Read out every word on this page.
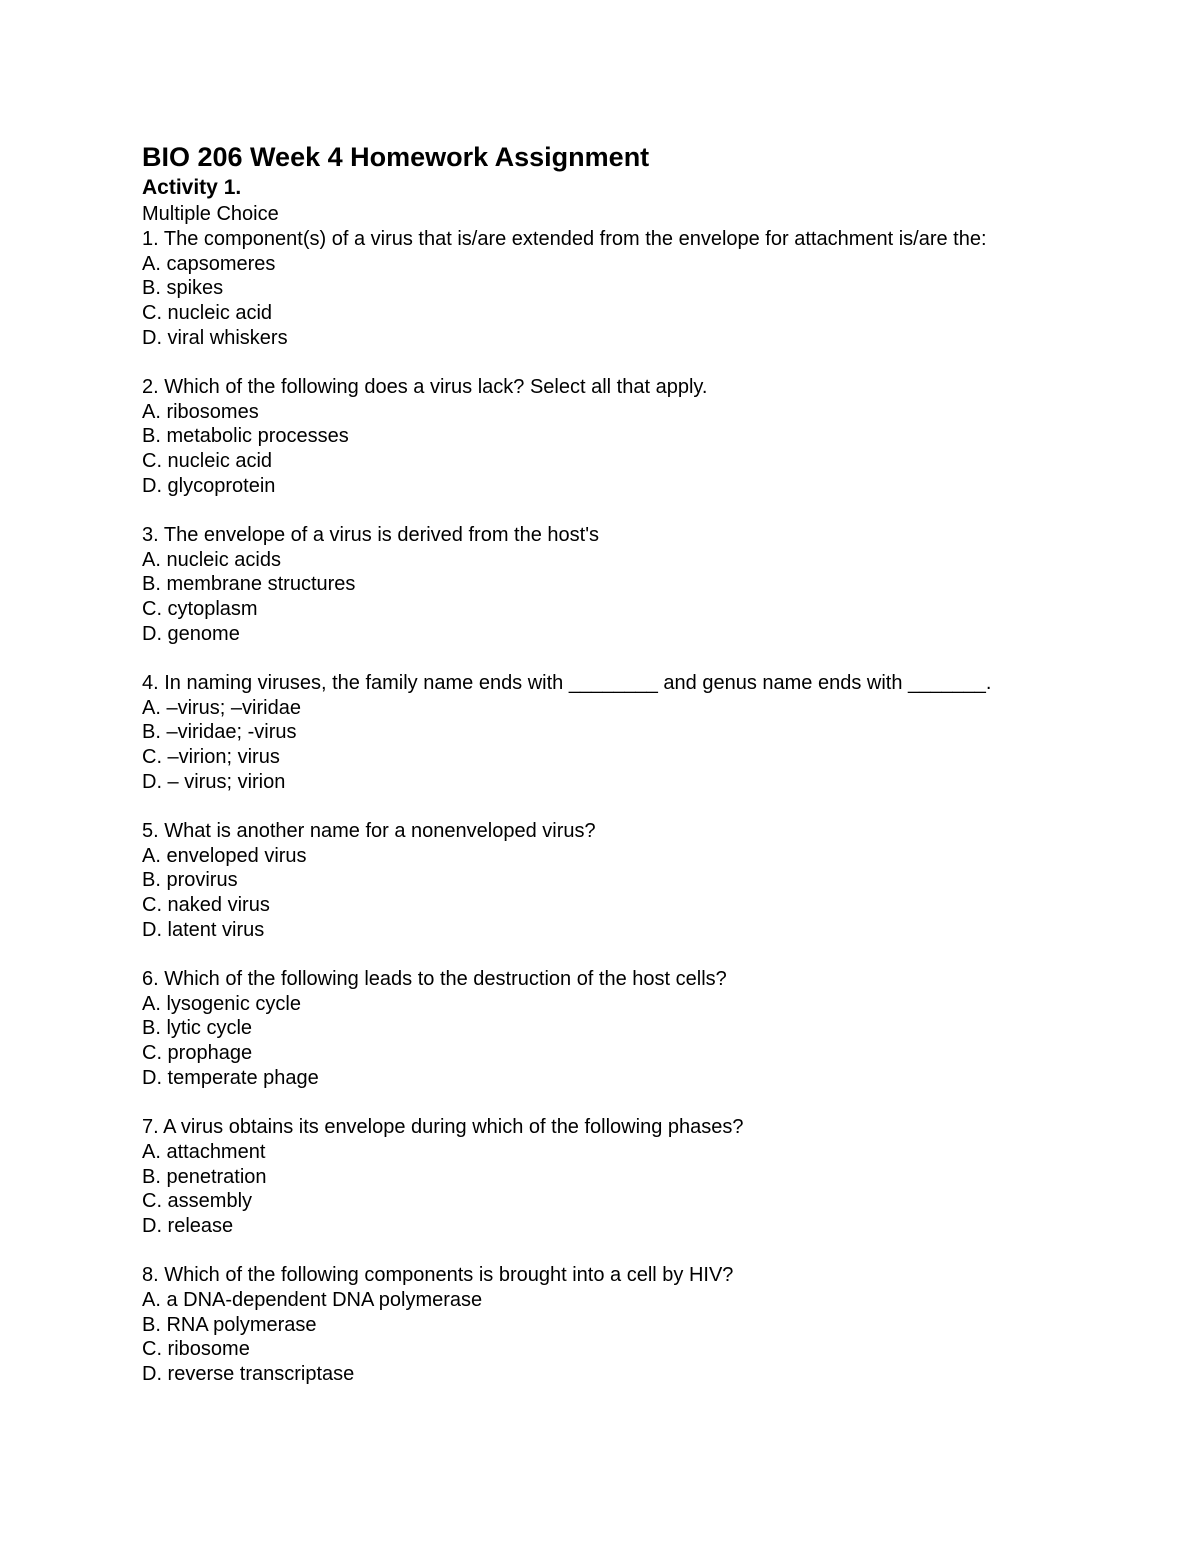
BIO 206 Week 4 Homework Assignment
Activity 1.

Multiple Choice

1. The component(s) of a virus that is/are extended from the envelope for attachment is/are the:

A. capsomeres

B. spikes

C. nucleic acid

D. viral whiskers

2. Which of the following does a virus lack? Select all that apply.

A. ribosomes

B. metabolic processes

C. nucleic acid

D. glycoprotein

3. The envelope of a virus is derived from the host's

A. nucleic acids

B. membrane structures

C. cytoplasm

D. genome

4. In naming viruses, the family name ends with ________ and genus name ends with _______.

A. –virus; –viridae

B. –viridae; -virus

C. –virion; virus

D. – virus; virion

5. What is another name for a nonenveloped virus?

A. enveloped virus

B. provirus

C. naked virus

D. latent virus

6. Which of the following leads to the destruction of the host cells?

A. lysogenic cycle

B. lytic cycle

C. prophage

D. temperate phage

7. A virus obtains its envelope during which of the following phases?

A. attachment

B. penetration

C. assembly

D. release

8. Which of the following components is brought into a cell by HIV?

A. a DNA-dependent DNA polymerase

B. RNA polymerase

C. ribosome

D. reverse transcriptase
